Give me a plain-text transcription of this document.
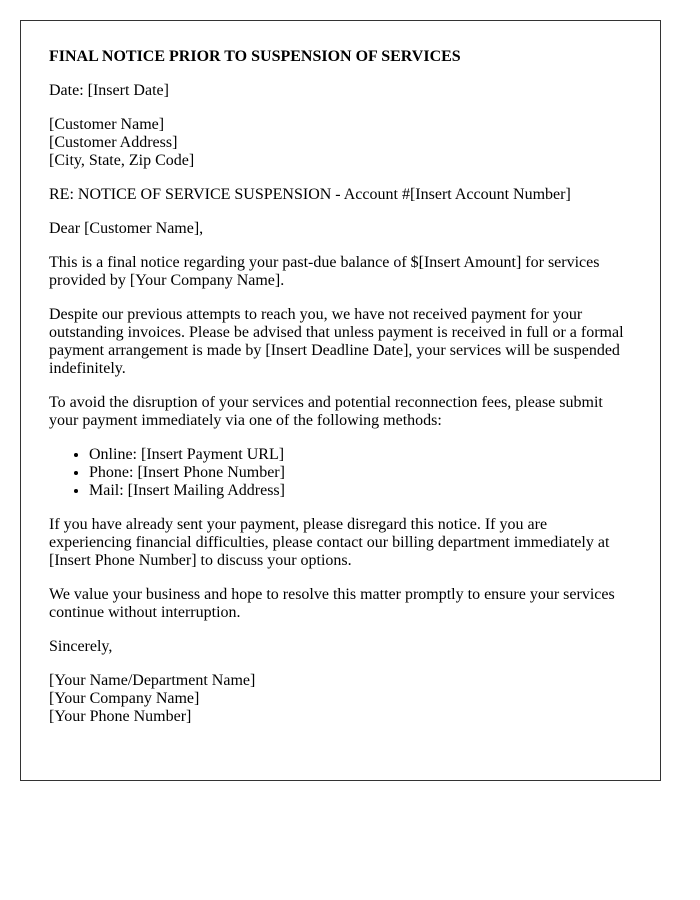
FINAL NOTICE PRIOR TO SUSPENSION OF SERVICES

Date: [Insert Date]

[Customer Name]
[Customer Address]
[City, State, Zip Code]

RE: NOTICE OF SERVICE SUSPENSION - Account #[Insert Account Number]

Dear [Customer Name],

This is a final notice regarding your past-due balance of $[Insert Amount] for services provided by [Your Company Name].

Despite our previous attempts to reach you, we have not received payment for your outstanding invoices. Please be advised that unless payment is received in full or a formal payment arrangement is made by [Insert Deadline Date], your services will be suspended indefinitely.

To avoid the disruption of your services and potential reconnection fees, please submit your payment immediately via one of the following methods:

• Online: [Insert Payment URL]
• Phone: [Insert Phone Number]
• Mail: [Insert Mailing Address]

If you have already sent your payment, please disregard this notice. If you are experiencing financial difficulties, please contact our billing department immediately at [Insert Phone Number] to discuss your options.

We value your business and hope to resolve this matter promptly to ensure your services continue without interruption.

Sincerely,

[Your Name/Department Name]
[Your Company Name]
[Your Phone Number]
